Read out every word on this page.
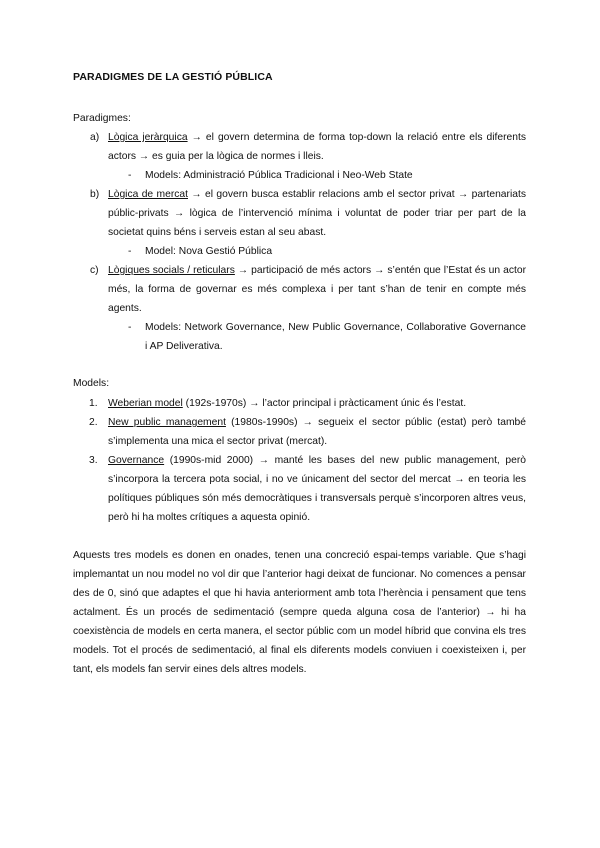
PARADIGMES DE LA GESTIÓ PÚBLICA
Paradigmes:
a) Lògica jeràrquica → el govern determina de forma top-down la relació entre els diferents actors → es guia per la lògica de normes i lleis.
- Models: Administració Pública Tradicional i Neo-Web State
b) Lògica de mercat → el govern busca establir relacions amb el sector privat → partenariats públic-privats → lògica de l’intervenció mínima i voluntat de poder triar per part de la societat quins béns i serveis estan al seu abast.
- Model: Nova Gestió Pública
c) Lògiques socials / reticulars → participació de més actors → s’entén que l’Estat és un actor més, la forma de governar es més complexa i per tant s’han de tenir en compte més agents.
- Models: Network Governance, New Public Governance, Collaborative Governance i AP Deliverativa.
Models:
1. Weberian model (192s-1970s) → l’actor principal i pràcticament únic és l’estat.
2. New public management (1980s-1990s) → segueix el sector públic (estat) però també s’implementa una mica el sector privat (mercat).
3. Governance (1990s-mid 2000) → manté les bases del new public management, però s’incorpora la tercera pota social, i no ve únicament del sector del mercat → en teoria les polítiques públiques són més democràtiques i transversals perquè s’incorporen altres veus, però hi ha moltes crítiques a aquesta opinió.
Aquests tres models es donen en onades, tenen una concreció espai-temps variable. Que s’hagi implemantat un nou model no vol dir que l’anterior hagi deixat de funcionar. No comences a pensar des de 0, sinó que adaptes el que hi havia anteriorment amb tota l’herència i pensament que tens actalment. És un procés de sedimentació (sempre queda alguna cosa de l’anterior) → hi ha coexistència de models en certa manera, el sector públic com un model híbrid que convina els tres models. Tot el procés de sedimentació, al final els diferents models conviuen i coexisteixen i, per tant, els models fan servir eines dels altres models.
